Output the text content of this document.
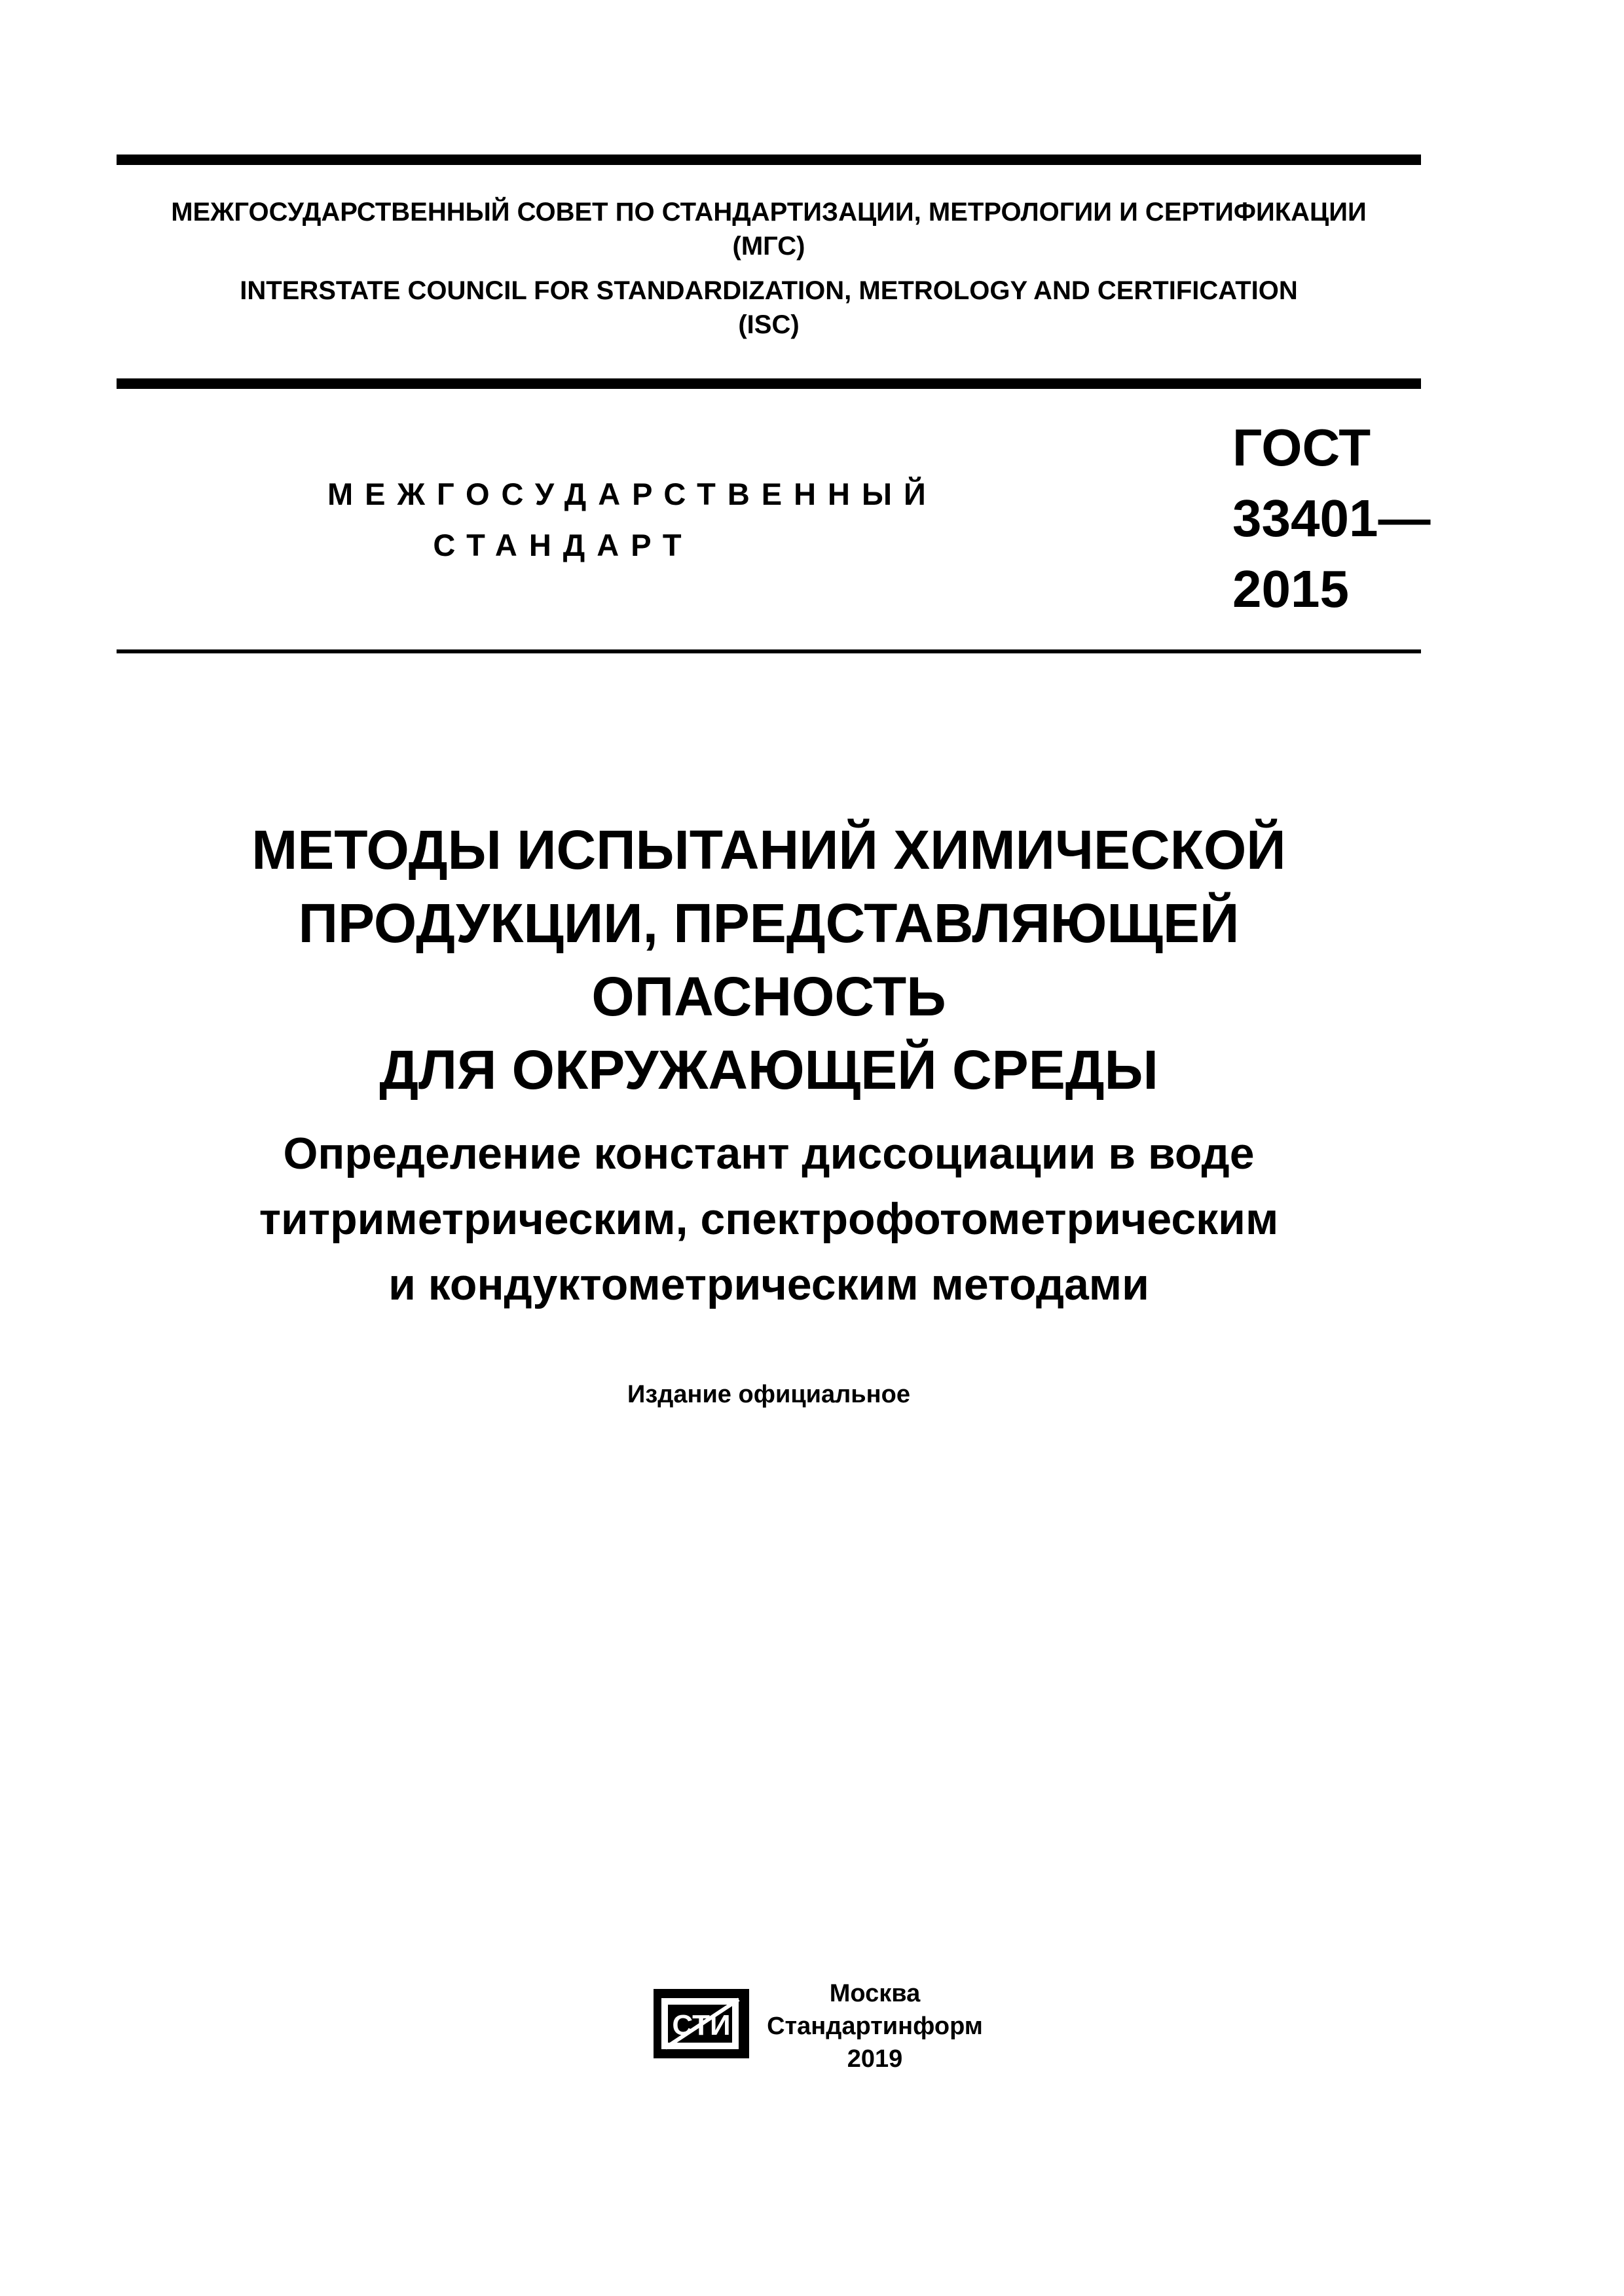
МЕЖГОСУДАРСТВЕННЫЙ СОВЕТ ПО СТАНДАРТИЗАЦИИ, МЕТРОЛОГИИ И СЕРТИФИКАЦИИ
(МГС)
INTERSTATE COUNCIL FOR STANDARDIZATION, METROLOGY AND CERTIFICATION
(ISC)
МЕЖГОСУДАРСТВЕННЫЙ
СТАНДАРТ
ГОСТ
33401—
2015
МЕТОДЫ ИСПЫТАНИЙ ХИМИЧЕСКОЙ
ПРОДУКЦИИ, ПРЕДСТАВЛЯЮЩЕЙ ОПАСНОСТЬ
ДЛЯ ОКРУЖАЮЩЕЙ СРЕДЫ
Определение констант диссоциации в воде
титриметрическим, спектрофотометрическим
и кондуктометрическим методами
Издание официальное
СТИ
Москва
Стандартинформ
2019
